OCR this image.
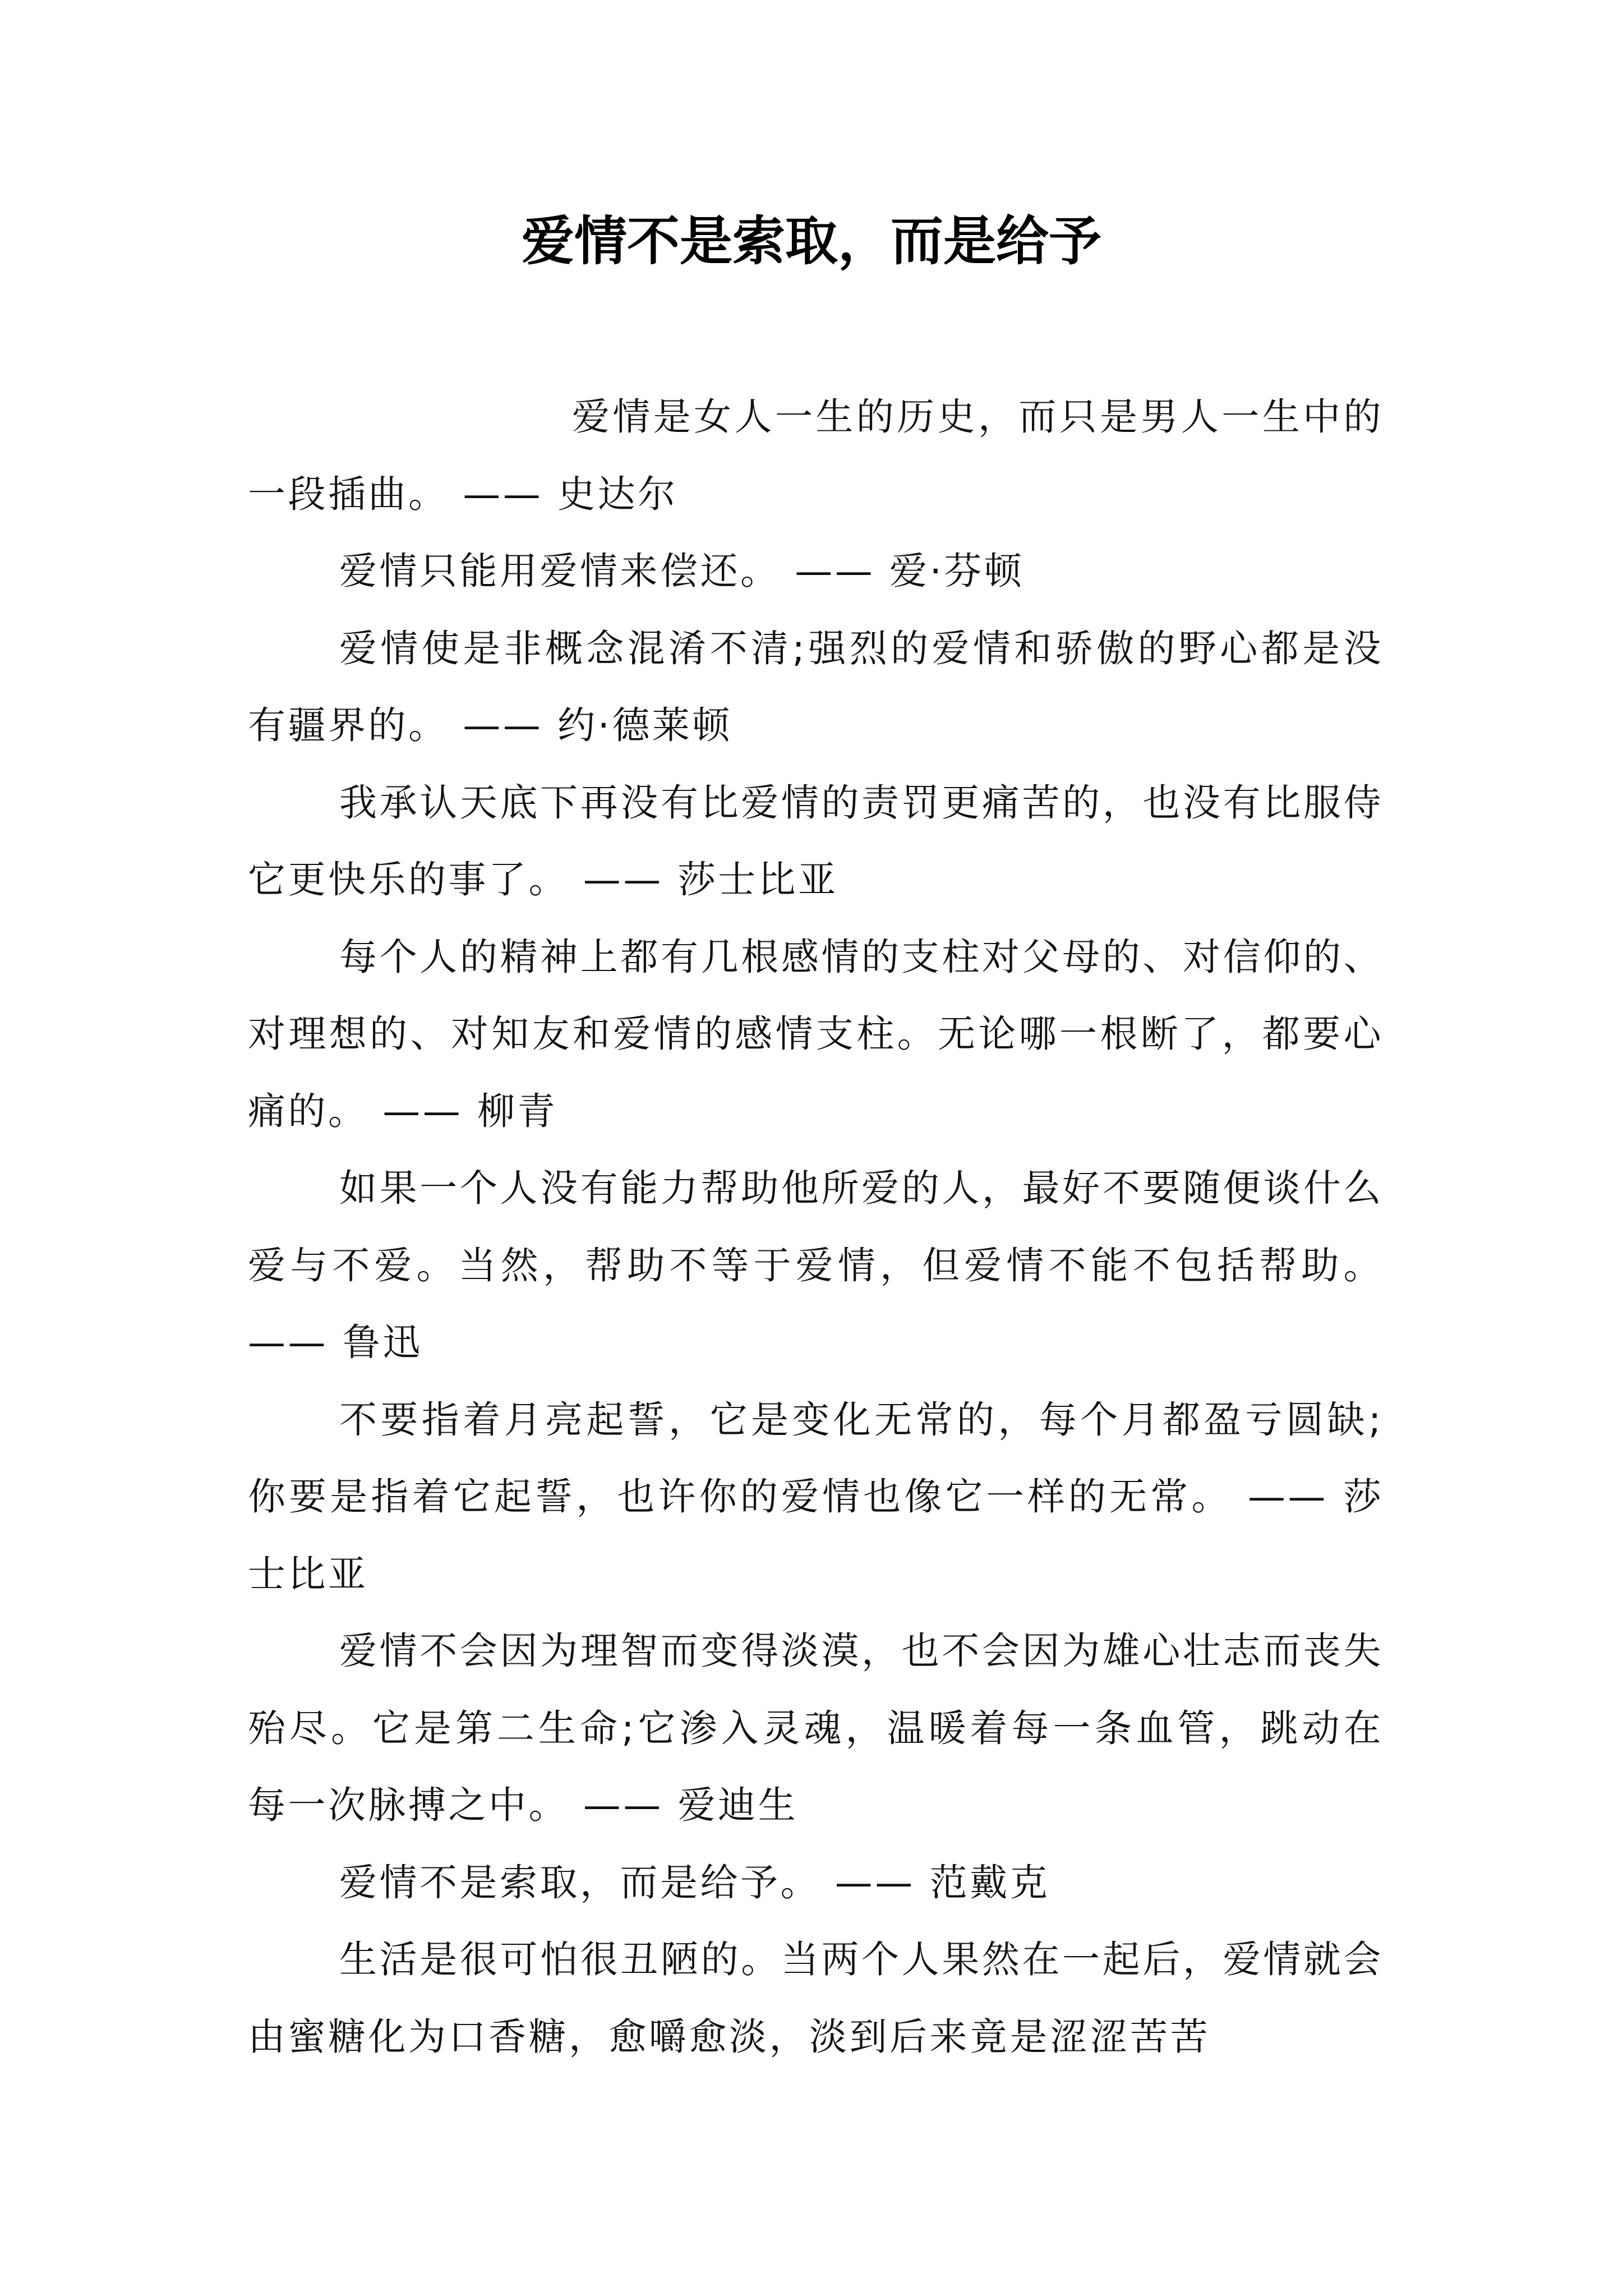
爱情不是索取，而是给予

爱情是女人一生的历史，而只是男人一生中的一段插曲。 —— 史达尔

爱情只能用爱情来偿还。 —— 爱·芬顿

爱情使是非概念混淆不清;强烈的爱情和骄傲的野心都是没有疆界的。 —— 约·德莱顿

我承认天底下再没有比爱情的责罚更痛苦的，也没有比服侍它更快乐的事了。 —— 莎士比亚

每个人的精神上都有几根感情的支柱对父母的、对信仰的、对理想的、对知友和爱情的感情支柱。无论哪一根断了，都要心痛的。 —— 柳青

如果一个人没有能力帮助他所爱的人，最好不要随便谈什么爱与不爱。当然，帮助不等于爱情，但爱情不能不包括帮助。 —— 鲁迅

不要指着月亮起誓，它是变化无常的，每个月都盈亏圆缺;你要是指着它起誓，也许你的爱情也像它一样的无常。 —— 莎士比亚

爱情不会因为理智而变得淡漠，也不会因为雄心壮志而丧失殆尽。它是第二生命;它渗入灵魂，温暖着每一条血管，跳动在每一次脉搏之中。 —— 爱迪生

爱情不是索取，而是给予。 —— 范戴克

生活是很可怕很丑陋的。当两个人果然在一起后，爱情就会由蜜糖化为口香糖，愈嚼愈淡，淡到后来竟是涩涩苦苦
